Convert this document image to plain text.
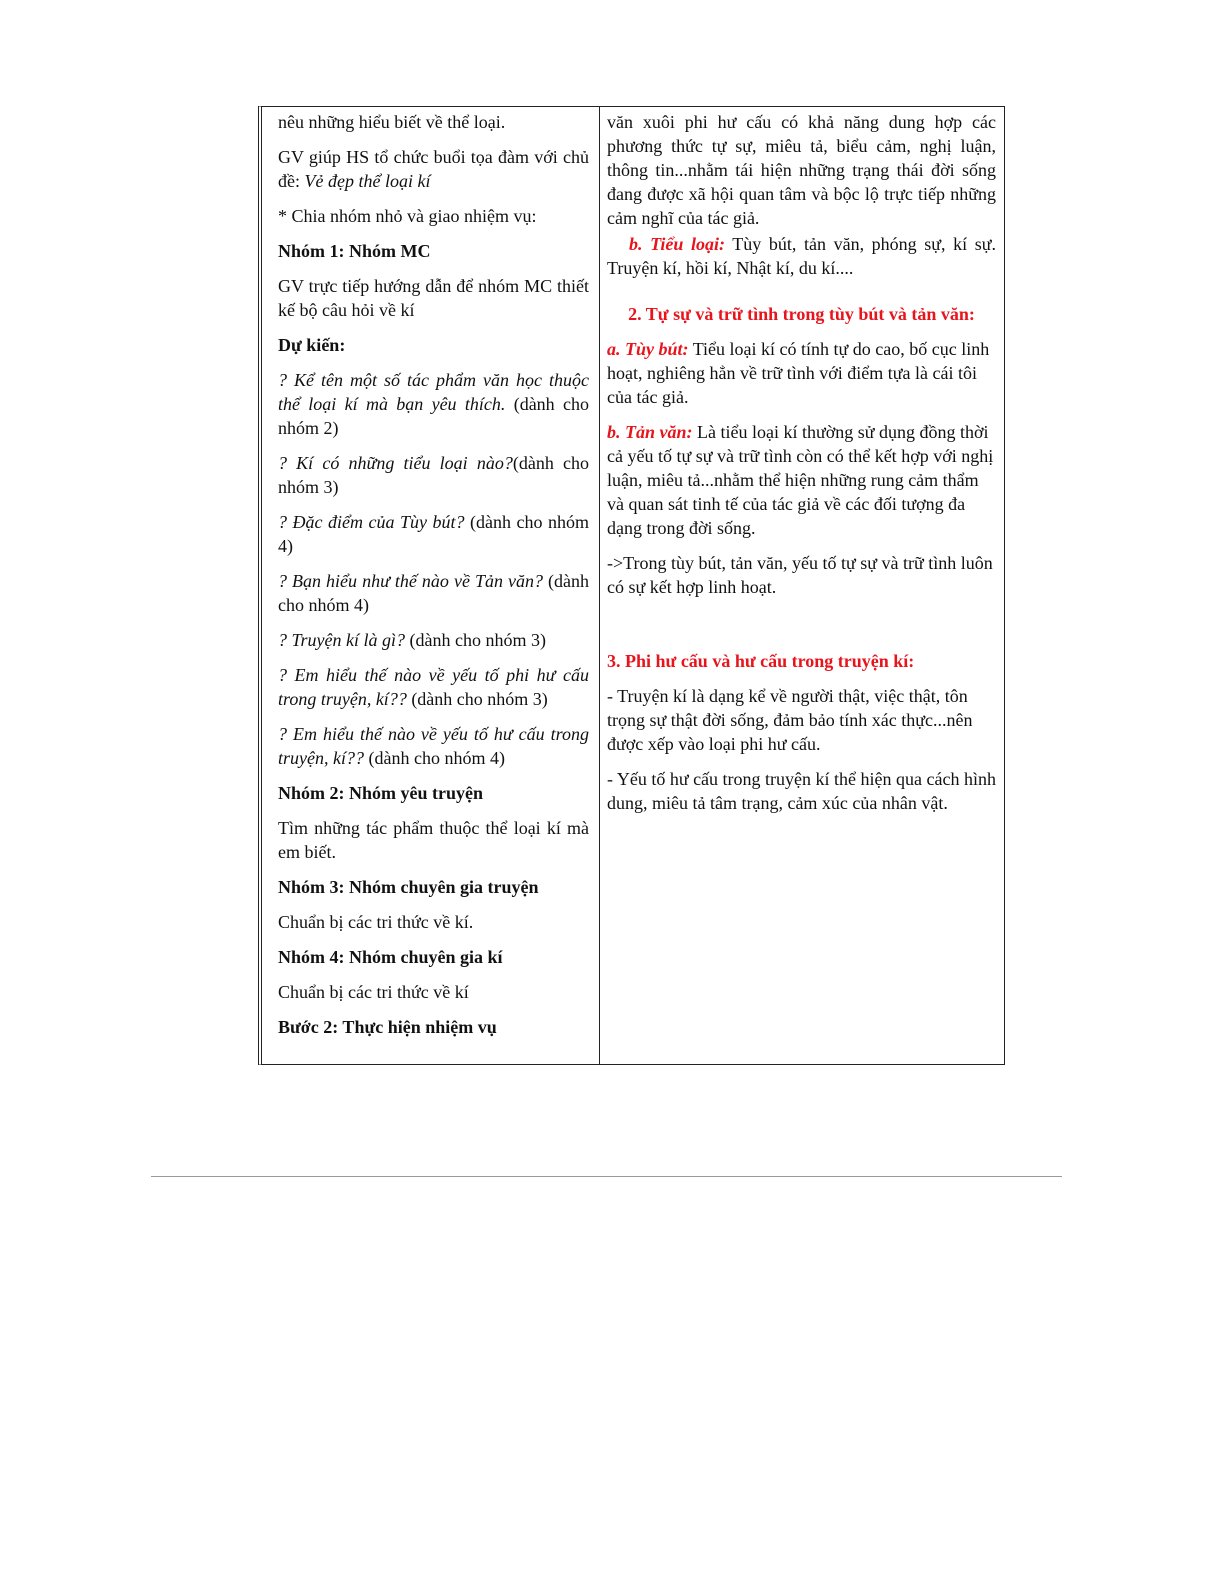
nêu những hiểu biết về thể loại.

GV giúp HS tổ chức buổi tọa đàm với chủ đề: Vẻ đẹp thể loại kí

* Chia nhóm nhỏ và giao nhiệm vụ:

Nhóm 1: Nhóm MC

GV trực tiếp hướng dẫn để nhóm MC thiết kế bộ câu hỏi về kí

Dự kiến:

? Kể tên một số tác phẩm văn học thuộc thể loại kí mà bạn yêu thích. (dành cho nhóm 2)

? Kí có những tiểu loại nào?(dành cho nhóm 3)

? Đặc điểm của Tùy bút? (dành cho nhóm 4)

? Bạn hiểu như thế nào về Tản văn? (dành cho nhóm 4)

? Truyện kí là gì? (dành cho nhóm 3)

? Em hiểu thế nào về yếu tố phi hư cấu trong truyện, kí?? (dành cho nhóm 3)

? Em hiểu thế nào về yếu tố hư cấu trong truyện, kí?? (dành cho nhóm 4)

Nhóm 2: Nhóm yêu truyện

Tìm những tác phẩm thuộc thể loại kí mà em biết.

Nhóm 3: Nhóm chuyên gia truyện

Chuẩn bị các tri thức về kí.

Nhóm 4: Nhóm chuyên gia kí

Chuẩn bị các tri thức về kí

Bước 2: Thực hiện nhiệm vụ

văn xuôi phi hư cấu có khả năng dung hợp các phương thức tự sự, miêu tả, biểu cảm, nghị luận, thông tin...nhằm tái hiện những trạng thái đời sống đang được xã hội quan tâm và bộc lộ trực tiếp những cảm nghĩ của tác giả.

b. Tiểu loại: Tùy bút, tản văn, phóng sự, kí sự. Truyện kí, hồi kí, Nhật kí, du kí....

2. Tự sự và trữ tình trong tùy bút và tản văn:

a. Tùy bút: Tiểu loại kí có tính tự do cao, bố cục linh hoạt, nghiêng hẳn về trữ tình với điểm tựa là cái tôi của tác giả.

b. Tản văn: Là tiểu loại kí thường sử dụng đồng thời cả yếu tố tự sự và trữ tình còn có thể kết hợp với nghị luận, miêu tả...nhằm thể hiện những rung cảm thẩm và quan sát tinh tế của tác giả về các đối tượng đa dạng trong đời sống.

->Trong tùy bút, tản văn, yếu tố tự sự và trữ tình luôn có sự kết hợp linh hoạt.

3. Phi hư cấu và hư cấu trong truyện kí:

- Truyện kí là dạng kể về người thật, việc thật, tôn trọng sự thật đời sống, đảm bảo tính xác thực...nên được xếp vào loại phi hư cấu.

- Yếu tố hư cấu trong truyện kí thể hiện qua cách hình dung, miêu tả tâm trạng, cảm xúc của nhân vật.
